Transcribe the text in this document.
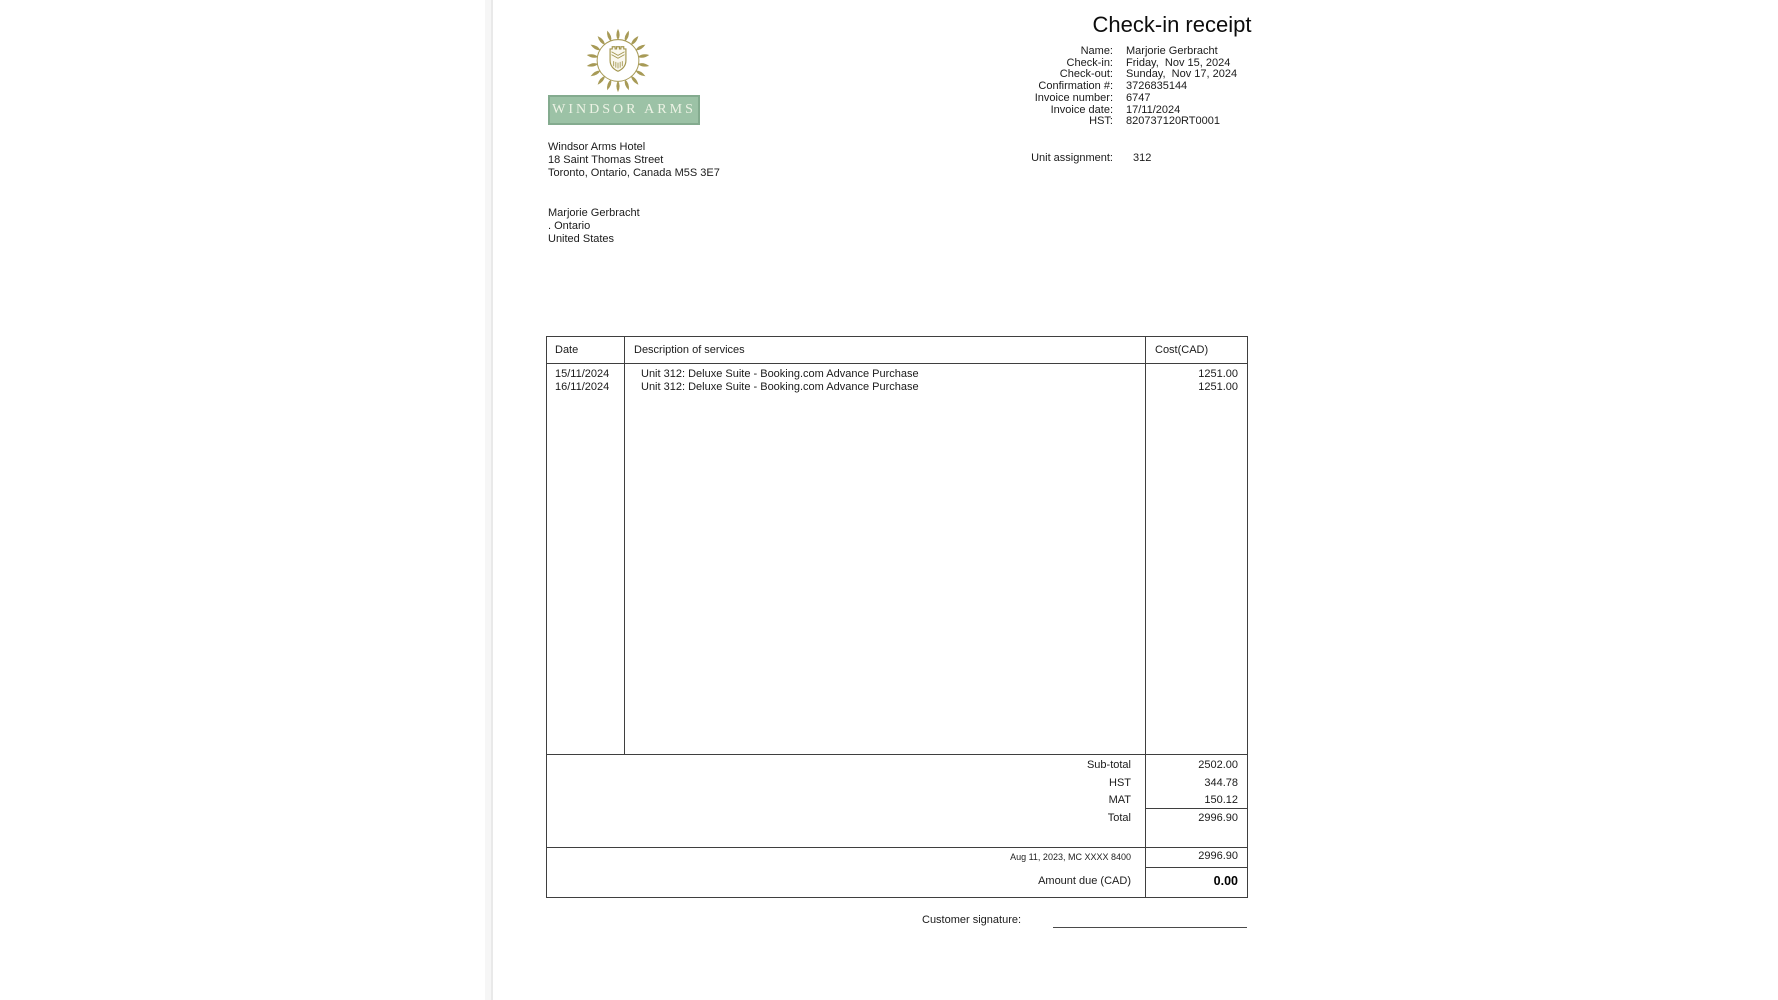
WINDSOR ARMS
Windsor Arms Hotel
18 Saint Thomas Street
Toronto, Ontario, Canada M5S 3E7
Marjorie Gerbracht
. Ontario
United States
Check-in receipt
Name: Marjorie Gerbracht
Check-in: Friday,  Nov 15, 2024
Check-out: Sunday,  Nov 17, 2024
Confirmation #: 3726835144
Invoice number: 6747
Invoice date: 17/11/2024
HST: 820737120RT0001
Unit assignment: 312
Date	Description of services	Cost(CAD)
15/11/2024	Unit 312: Deluxe Suite - Booking.com Advance Purchase	1251.00
16/11/2024	Unit 312: Deluxe Suite - Booking.com Advance Purchase	1251.00
Sub-total	2502.00
HST	344.78
MAT	150.12
Total	2996.90
Aug 11, 2023, MC XXXX 8400	2996.90
Amount due (CAD)	0.00
Customer signature:
